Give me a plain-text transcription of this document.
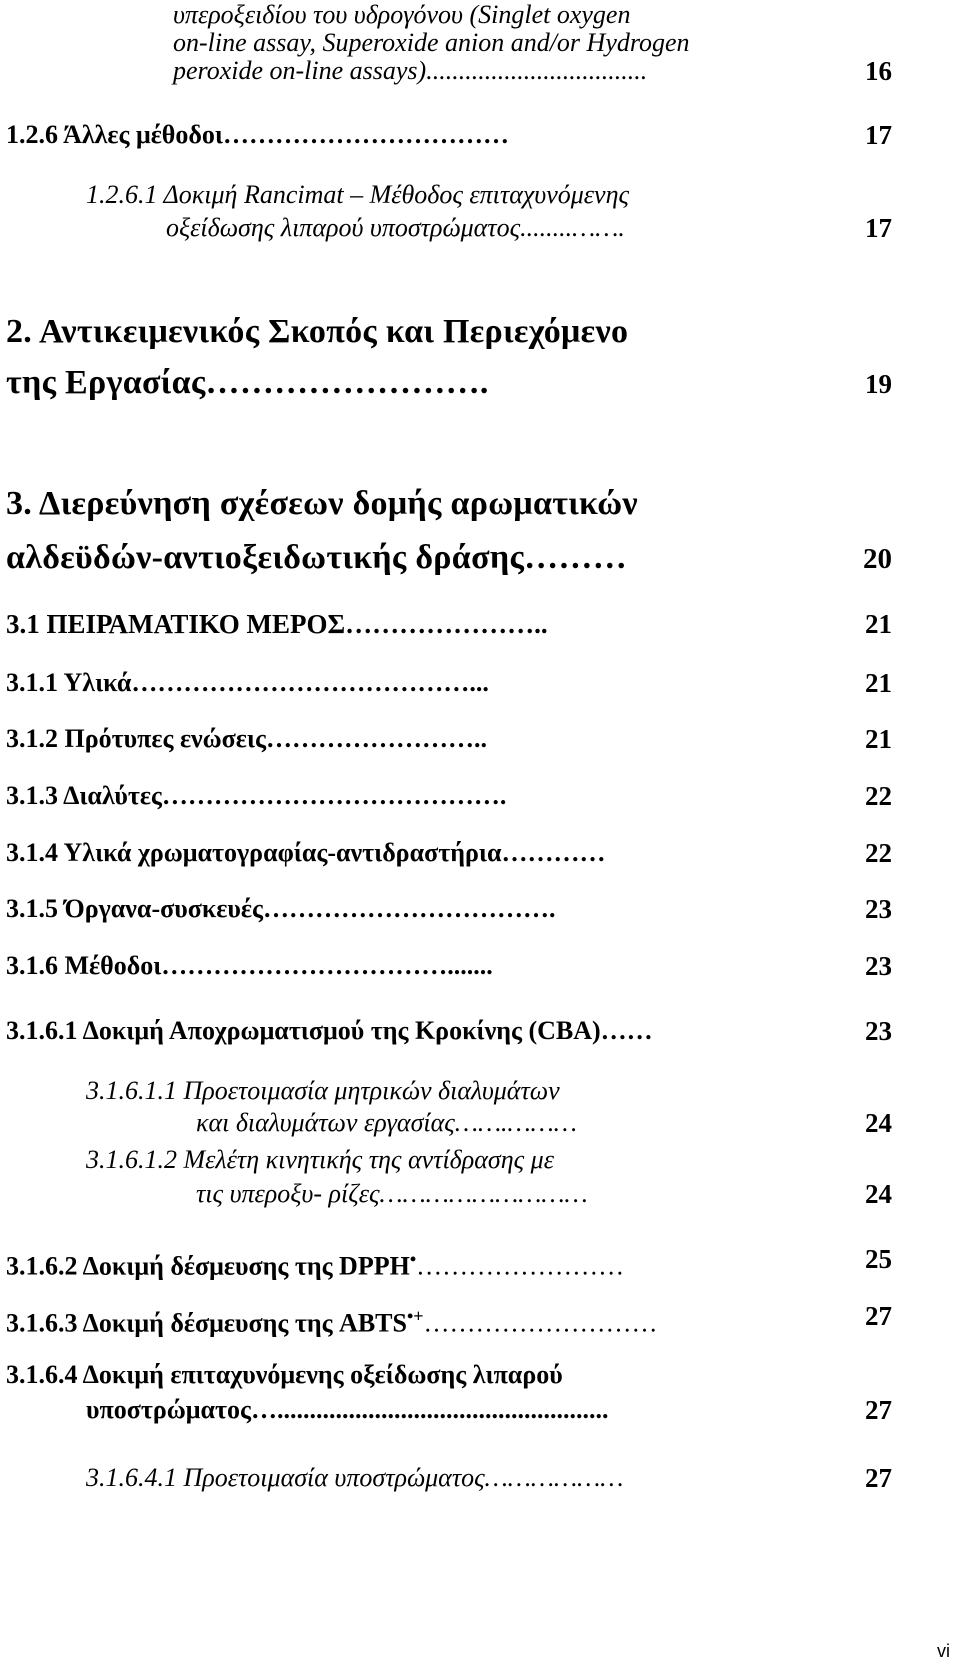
υπεροξειδίου του υδρογόνου (Singlet oxygen
on-line assay, Superoxide anion and/or Hydrogen
peroxide on-line assays)..................................	16
1.2.6 Άλλες μέθοδοι……………………………	17
1.2.6.1 Δοκιμή Rancimat – Μέθοδος επιταχυνόμενης
οξείδωσης λιπαρού υποστρώματος........…….	17
2. Αντικειμενικός Σκοπός και Περιεχόμενο
της Εργασίας…………………….	19
3. Διερεύνηση σχέσεων δομής αρωματικών
αλδεϋδών-αντιοξειδωτικής δράσης………	20
3.1 ΠΕΙΡΑΜΑΤΙΚΟ ΜΕΡΟΣ…………………..	21
3.1.1 Υλικά…………………………………...	21
3.1.2 Πρότυπες ενώσεις……………………..	21
3.1.3 Διαλύτες………………………………….	22
3.1.4 Υλικά χρωματογραφίας-αντιδραστήρια…………	22
3.1.5 Όργανα-συσκευές…………………………….	23
3.1.6 Μέθοδοι…………………………….......	23
3.1.6.1 Δοκιμή Αποχρωματισμού της Κροκίνης (CBA)……	23
3.1.6.1.1 Προετοιμασία μητρικών διαλυμάτων
και διαλυμάτων εργασίας…….………	24
3.1.6.1.2 Μελέτη κινητικής της αντίδρασης με
τις υπεροξυ- ρίζες………………………	24
3.1.6.2 Δοκιμή δέσμευσης της DPPH•……………………	25
3.1.6.3 Δοκιμή δέσμευσης της ABTS•+………………………	27
3.1.6.4 Δοκιμή επιταχυνόμενης οξείδωσης λιπαρού
υποστρώματος…...................................................	27
3.1.6.4.1 Προετοιμασία υποστρώματος………………	27
vi
